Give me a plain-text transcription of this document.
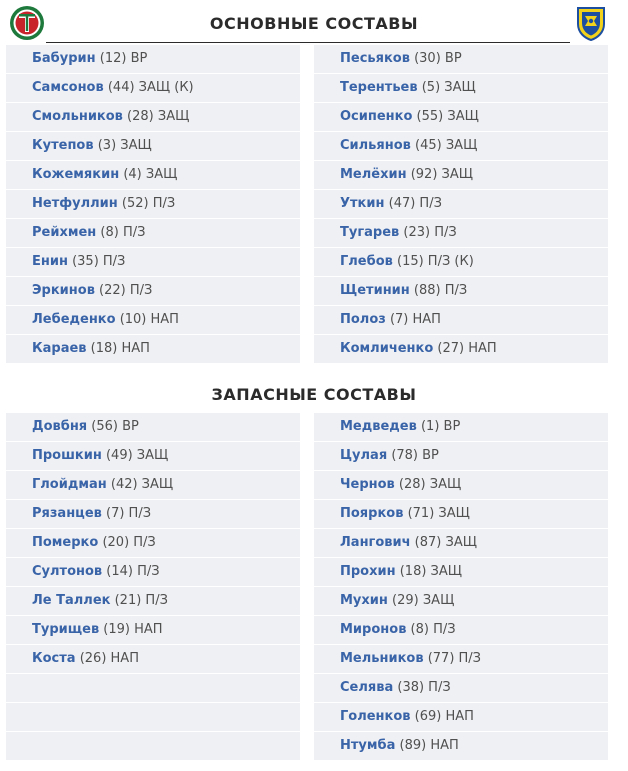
ОСНОВНЫЕ СОСТАВЫ
Бабурин (12) ВР
Самсонов (44) ЗАЩ (К)
Смольников (28) ЗАЩ
Кутепов (3) ЗАЩ
Кожемякин (4) ЗАЩ
Нетфуллин (52) П/З
Рейхмен (8) П/З
Енин (35) П/З
Эркинов (22) П/З
Лебеденко (10) НАП
Караев (18) НАП
Песьяков (30) ВР
Терентьев (5) ЗАЩ
Осипенко (55) ЗАЩ
Сильянов (45) ЗАЩ
Мелёхин (92) ЗАЩ
Уткин (47) П/З
Тугарев (23) П/З
Глебов (15) П/З (К)
Щетинин (88) П/З
Полоз (7) НАП
Комличенко (27) НАП
ЗАПАСНЫЕ СОСТАВЫ
Довбня (56) ВР
Прошкин (49) ЗАЩ
Глойдман (42) ЗАЩ
Рязанцев (7) П/З
Померко (20) П/З
Султонов (14) П/З
Ле Таллек (21) П/З
Турищев (19) НАП
Коста (26) НАП
Медведев (1) ВР
Цулая (78) ВР
Чернов (28) ЗАЩ
Поярков (71) ЗАЩ
Лангович (87) ЗАЩ
Прохин (18) ЗАЩ
Мухин (29) ЗАЩ
Миронов (8) П/З
Мельников (77) П/З
Селява (38) П/З
Голенков (69) НАП
Нтумба (89) НАП
